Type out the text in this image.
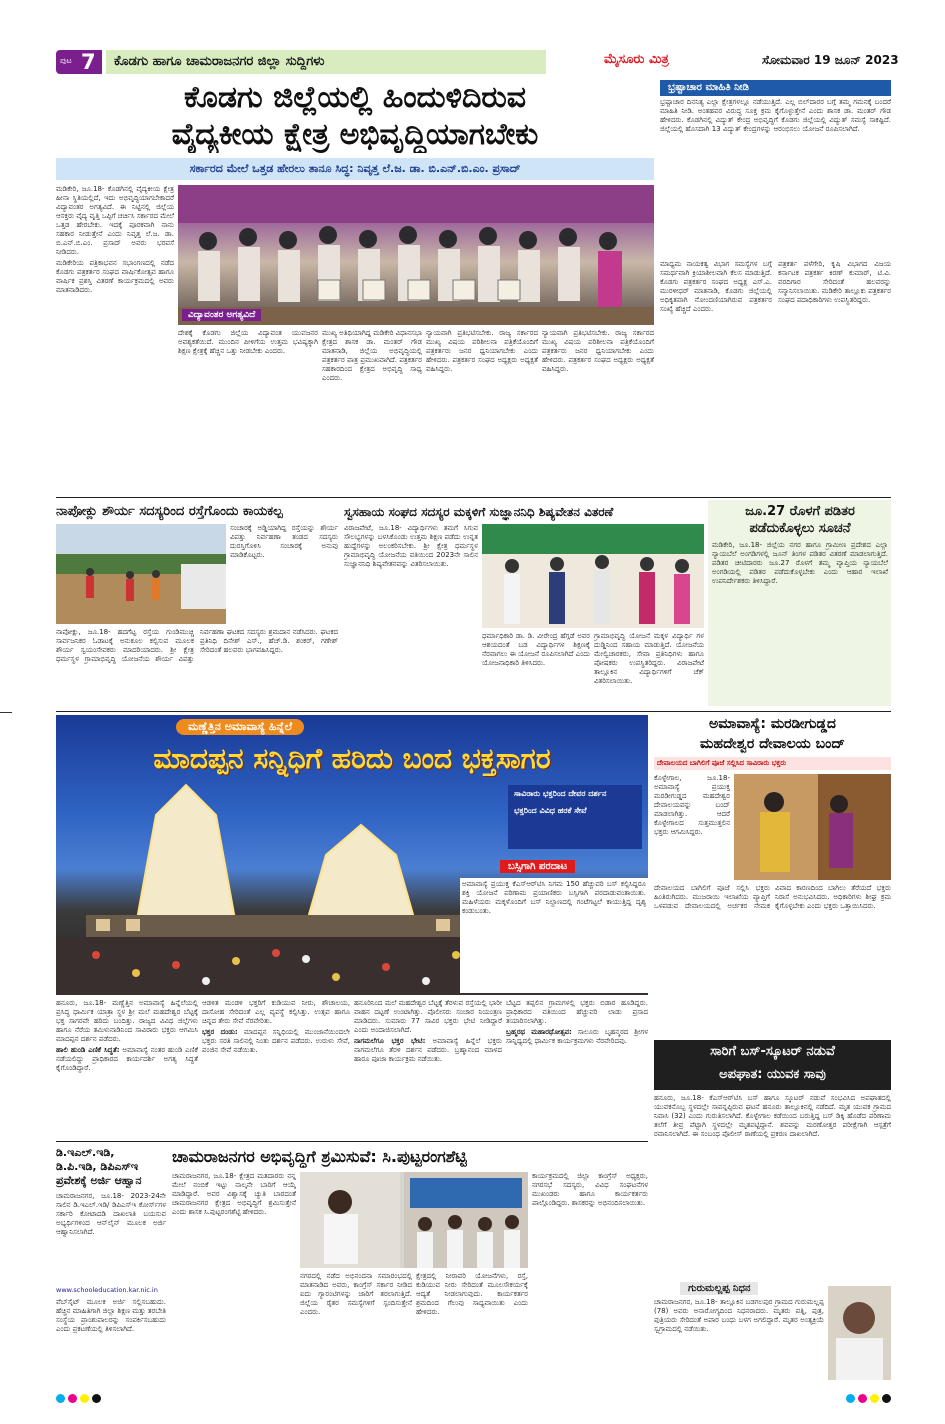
ಪುಟ 7	ಕೊಡಗು ಹಾಗೂ ಚಾಮರಾಜನಗರ ಜಿಲ್ಲಾ ಸುದ್ದಿಗಳು	ಮೈಸೂರು ಮಿತ್ರ	ಸೋಮವಾರ 19 ಜೂನ್ 2023
ಕೊಡಗು ಜಿಲ್ಲೆಯಲ್ಲಿ ಹಿಂದುಳಿದಿರುವ
ವೈದ್ಯಕೀಯ ಕ್ಷೇತ್ರ ಅಭಿವೃದ್ಧಿಯಾಗಬೇಕು
ಸರ್ಕಾರದ ಮೇಲೆ ಒತ್ತಡ ಹೇರಲು ತಾನೂ ಸಿದ್ಧ: ನಿವೃತ್ತ ಲೆ.ಜ. ಡಾ. ಬಿ.ಎನ್.ಬಿ.ಎಂ. ಪ್ರಸಾದ್

ಮಡಿಕೇರಿ, ಜೂ.18- ಕೊಡಗಿನಲ್ಲಿ ವೈದ್ಯಕೀಯ ಕ್ಷೇತ್ರ ಹೀನಾ ಸ್ಥಿತಿಯಲ್ಲಿದೆ, ಇದು ಅಭಿವೃದ್ಧಿಯಾಗಬೇಕಾದರೆ ವಿದ್ಯಾವಂತರ ಅಗತ್ಯವಿದೆ. ಈ ನಿಟ್ಟಿನಲ್ಲಿ ಜಿಲ್ಲೆಯ ಆಸಕ್ತರು ವೈದ್ಯ ವೃತ್ತಿ ಒಪ್ಪಿಗೆ ಚರ್ಚಿಸಿ ಸರ್ಕಾರದ ಮೇಲೆ ಒತ್ತಡ ಹೇರಬೇಕು. ಇದಕ್ಕೆ ಪೂರಕವಾಗಿ ನಾನು ಸಹಕಾರ ನೀಡುತ್ತೇನೆ ಎಂದು ನಿವೃತ್ತ ಲೆ.ಜ. ಡಾ. ಬಿ.ಎನ್.ಬಿ.ಎಂ. ಪ್ರಸಾದ್ ಅವರು ಭರವಸೆ ನೀಡಿದರು.

ಮಡಿಕೇರಿಯ ಪತ್ರಿಕಾಭವನ ಸಭಾಂಗಣದಲ್ಲಿ ನಡೆದ ಕೊಡಗು ಪತ್ರಕರ್ತರ ಸಂಘದ ವಾರ್ಷಿಕೋತ್ಸವ ಹಾಗೂ ವಾರ್ಷಿಕ ಪ್ರಶಸ್ತಿ ವಿತರಣೆ ಕಾರ್ಯಕ್ರಮದಲ್ಲಿ ಅವರು ಮಾತನಾಡಿದರು.

ವಿದ್ಯಾವಂತರ ಅಗತ್ಯವಿದೆ
ದೇಶಕ್ಕೆ ಕೊಡಗು ಜಿಲ್ಲೆಯ ವಿದ್ಯಾವಂತ ಯುವಜನರ ಅವಶ್ಯಕತೆಯಿದೆ. ಮುಂದಿನ ಪೀಳಿಗೆಯ ಉತ್ತಮ ಭವಿಷ್ಯಕ್ಕಾಗಿ ಶಿಕ್ಷಣ ಕ್ಷೇತ್ರಕ್ಕೆ ಹೆಚ್ಚಿನ ಒತ್ತು ನೀಡಬೇಕು ಎಂದರು.
ಮುಖ್ಯ ಅತಿಥಿಯಾಗಿದ್ದ ಮಡಿಕೇರಿ ವಿಧಾನಸಭಾ ಕ್ಷೇತ್ರದ ಶಾಸಕ ಡಾ. ಮಂತರ್ ಗೌಡ ಮಾತನಾಡಿ, ಜಿಲ್ಲೆಯ ಅಭಿವೃದ್ಧಿಯಲ್ಲಿ ಪತ್ರಕರ್ತರ ಪಾತ್ರ ಪ್ರಮುಖವಾಗಿದೆ. ಪತ್ರಕರ್ತರ ಸಹಕಾರದಿಂದ ಕ್ಷೇತ್ರದ ಅಭಿವೃದ್ಧಿ ಸಾಧ್ಯ ಎಂದರು.
ನ್ಯಾಯವಾಗಿ ಪ್ರತಿಭಟಿಸಬೇಕು. ರಾಜ್ಯ ಸರ್ಕಾರದ ಮುಖ್ಯ ವಿಷಯ ಪರಿಶೀಲನಾ ಪತ್ರಿಕೆಯೊಂದಿಗೆ ಪತ್ರಕರ್ತರು ಜನರ ಧ್ವನಿಯಾಗಬೇಕು ಎಂದು ಹೇಳಿದರು. ಪತ್ರಕರ್ತರ ಸಂಘದ ಅಧ್ಯಕ್ಷರು ಅಧ್ಯಕ್ಷತೆ ವಹಿಸಿದ್ದರು.
ನ್ಯಾಯವಾಗಿ ಪ್ರತಿಭಟಿಸಬೇಕು. ರಾಜ್ಯ ಸರ್ಕಾರದ ಮುಖ್ಯ ವಿಷಯ ಪರಿಶೀಲನಾ ಪತ್ರಿಕೆಯೊಂದಿಗೆ ಪತ್ರಕರ್ತರು ಜನರ ಧ್ವನಿಯಾಗಬೇಕು ಎಂದು ಹೇಳಿದರು. ಪತ್ರಕರ್ತರ ಸಂಘದ ಅಧ್ಯಕ್ಷರು ಅಧ್ಯಕ್ಷತೆ ವಹಿಸಿದ್ದರು.
ಭ್ರಷ್ಟಾಚಾರ ಮಾಹಿತಿ ನೀಡಿ
ಭ್ರಷ್ಟಾಚಾರ ದಿನನಿತ್ಯ ಎಲ್ಲಾ ಕ್ಷೇತ್ರಗಳಲ್ಲೂ ನಡೆಯುತ್ತಿದೆ. ಎಲ್ಲ ಬಿಲ್‌ದಾರರ ಬಗ್ಗೆ ತಮ್ಮ ಗಮನಕ್ಕೆ ಬಂದರೆ ಮಾಹಿತಿ ನೀಡಿ. ಅಂತಹವರ ವಿರುದ್ಧ ಸೂಕ್ತ ಕ್ರಮ ಕೈಗೊಳ್ಳುತ್ತೇನೆ ಎಂದು ಶಾಸಕ ಡಾ. ಮಂತರ್ ಗೌಡ ಹೇಳಿದರು. ಕೊಡಗಿನಲ್ಲಿ ವಿದ್ಯುತ್ ಕೇಂದ್ರ ಅಭಿವೃದ್ಧಿಗೆ ಕೊಡಗು ಜಿಲ್ಲೆಯಲ್ಲಿ ವಿದ್ಯುತ್ ಸಮಸ್ಯೆ ಸಾಕಷ್ಟಿದೆ. ಜಿಲ್ಲೆಯಲ್ಲಿ ಹೊಸದಾಗಿ 13 ವಿದ್ಯುತ್ ಕೇಂದ್ರಗಳನ್ನು ಆರಂಭಿಸಲು ಯೋಜನೆ ರೂಪಿಸಲಾಗಿದೆ.
ಮಾಧ್ಯಮ ನಾಯಕತ್ವ ವಿಭಾಗ ಸಮಸ್ಯೆಗಳ ಬಗ್ಗೆ ಸಮರ್ಥವಾಗಿ ಕ್ರಿಯಾಶೀಲವಾಗಿ ಕೆಲಸ ಮಾಡುತ್ತಿದೆ. ಕೊಡಗು ಪತ್ರಕರ್ತರ ಸಂಘದ ಅಧ್ಯಕ್ಷ ಎಸ್.ಎ. ಮುರಳೀಧರ್ ಮಾತನಾಡಿ, ಕೊಡಗು ಜಿಲ್ಲೆಯಲ್ಲಿ ಅಧಿಕೃತವಾಗಿ ನೋಂದಣಿಯಾಗಿರುವ ಪತ್ರಕರ್ತರ ಸಂಖ್ಯೆ ಹೆಚ್ಚಿದೆ ಎಂದರು.
ಪತ್ರಕರ್ತ ಪಳೆಗೇರಿ, ಕೃಷಿ ವಿಭಾಗದ ವಿಜಯ ಕರ್ನಾಟಕ ಪತ್ರಕರ್ತ ಕಿರಣ್ ಕುಮಾರ್, ಟಿ.ವಿ. ವರದಿಗಾರ ಸೇರಿದಂತೆ ಹಲವರನ್ನು ಸನ್ಮಾನಿಸಲಾಯಿತು. ಮಡಿಕೇರಿ ತಾಲ್ಲೂಕು ಪತ್ರಕರ್ತರ ಸಂಘದ ಪದಾಧಿಕಾರಿಗಳು ಉಪಸ್ಥಿತರಿದ್ದರು.
ನಾಪೋಕ್ಲು ಶೌರ್ಯ ಸದಸ್ಯರಿಂದ ರಸ್ತೆಗೊಂದು ಕಾಯಕಲ್ಪ
ಸಂಚಾರಕ್ಕೆ ಅಡ್ಡಿಯಾಗಿದ್ದ ರಸ್ತೆಯನ್ನು ಶೌರ್ಯ ವಿಪತ್ತು ನಿರ್ವಹಣಾ ತಂಡದ ಸದಸ್ಯರು ದುರಸ್ತಿಗೊಳಿಸಿ ಸಂಚಾರಕ್ಕೆ ಅನುವು ಮಾಡಿಕೊಟ್ಟರು.
ನಾಪೋಕ್ಲು, ಜೂ.18- ಹದಗೆಟ್ಟ ರಸ್ತೆಯ ಗುಂಡಿಮುಚ್ಚಿ ಸಾರ್ವಜನಿಕರ ಓಡಾಟಕ್ಕೆ ಅನುಕೂಲ ಕಲ್ಪಿಸುವ ಮೂಲಕ ಶೌರ್ಯ ಸ್ವಯಂಸೇವಕರು ಮಾದರಿಯಾದರು. ಶ್ರೀ ಕ್ಷೇತ್ರ ಧರ್ಮಸ್ಥಳ ಗ್ರಾಮಾಭಿವೃದ್ಧಿ ಯೋಜನೆಯ ಶೌರ್ಯ ವಿಪತ್ತು ನಿರ್ವಹಣಾ ಘಟಕದ ಸದಸ್ಯರು ಶ್ರಮದಾನ ನಡೆಸಿದರು. ಘಟಕದ ಪ್ರತಿನಿಧಿ ದಿನೇಶ್ ಎಸ್., ಹೆಚ್.ಡಿ. ಶಂಕರ್, ಗಣೇಶ್ ಸೇರಿದಂತೆ ಹಲವರು ಭಾಗವಹಿಸಿದ್ದರು.
ಸ್ವಸಹಾಯ ಸಂಘದ ಸದಸ್ಯರ ಮಕ್ಕಳಿಗೆ ಸುಜ್ಞಾನನಿಧಿ ಶಿಷ್ಯವೇತನ ವಿತರಣೆ
ವಿರಾಜಪೇಟೆ, ಜೂ.18- ವಿದ್ಯಾರ್ಥಿಗಳು ತಮಗೆ ಸಿಗುವ ಸೌಲಭ್ಯಗಳನ್ನು ಬಳಸಿಕೊಂಡು ಉತ್ತಮ ಶಿಕ್ಷಣ ಪಡೆದು ಉನ್ನತ ಹುದ್ದೆಗಳನ್ನು ಅಲಂಕರಿಸಬೇಕು. ಶ್ರೀ ಕ್ಷೇತ್ರ ಧರ್ಮಸ್ಥಳ ಗ್ರಾಮಾಭಿವೃದ್ಧಿ ಯೋಜನೆಯ ವತಿಯಿಂದ 2023ನೇ ಸಾಲಿನ ಸುಜ್ಞಾನನಿಧಿ ಶಿಷ್ಯವೇತನವನ್ನು ವಿತರಿಸಲಾಯಿತು.
ಧರ್ಮಾಧಿಕಾರಿ ಡಾ. ಡಿ. ವೀರೇಂದ್ರ ಹೆಗ್ಗಡೆ ಅವರ ಆಶಯದಂತೆ ಬಡ ವಿದ್ಯಾರ್ಥಿಗಳ ಶಿಕ್ಷಣಕ್ಕೆ ನೆರವಾಗಲು ಈ ಯೋಜನೆ ರೂಪಿಸಲಾಗಿದೆ ಎಂದು ಯೋಜನಾಧಿಕಾರಿ ತಿಳಿಸಿದರು.
ಗ್ರಾಮಾಭಿವೃದ್ಧಿ ಯೋಜನೆ ಮಕ್ಕಳ ವಿದ್ಯಾರ್ಥಿ ಗಳ ದುಡ್ಡಿನಿಂದ ಸಹಾಯ ಮಾಡುತ್ತಿದೆ. ಯೋಜನೆಯ ಮೇಲ್ವಿಚಾರಕರು, ಸೇವಾ ಪ್ರತಿನಿಧಿಗಳು ಹಾಗೂ ಪೋಷಕರು ಉಪಸ್ಥಿತರಿದ್ದರು. ವಿರಾಜಪೇಟೆ ತಾಲ್ಲೂಕಿನ ವಿದ್ಯಾರ್ಥಿಗಳಿಗೆ ಚೆಕ್ ವಿತರಿಸಲಾಯಿತು.
ಜೂ.27 ರೊಳಗೆ ಪಡಿತರ
ಪಡೆದುಕೊಳ್ಳಲು ಸೂಚನೆ
ಮಡಿಕೇರಿ, ಜೂ.18- ಜಿಲ್ಲೆಯ ನಗರ ಹಾಗೂ ಗ್ರಾಮೀಣ ಪ್ರದೇಶದ ಎಲ್ಲಾ ನ್ಯಾಯಬೆಲೆ ಅಂಗಡಿಗಳಲ್ಲಿ ಜೂನ್ ತಿಂಗಳ ಪಡಿತರ ವಿತರಣೆ ಮಾಡಲಾಗುತ್ತಿದೆ. ಪಡಿತರ ಚೀಟಿದಾರರು ಜೂ.27 ರೊಳಗೆ ತಮ್ಮ ವ್ಯಾಪ್ತಿಯ ನ್ಯಾಯಬೆಲೆ ಅಂಗಡಿಯಲ್ಲಿ ಪಡಿತರ ಪಡೆದುಕೊಳ್ಳಬೇಕು ಎಂದು ಆಹಾರ ಇಲಾಖೆ ಉಪನಿರ್ದೇಶಕರು ತಿಳಿಸಿದ್ದಾರೆ.
ಮಣ್ಣೆತ್ತಿನ ಅಮಾವಾಸ್ಯೆ ಹಿನ್ನೆಲೆ
ಮಾದಪ್ಪನ ಸನ್ನಿಧಿಗೆ ಹರಿದು ಬಂದ ಭಕ್ತಸಾಗರ
ಸಾವಿರಾರು ಭಕ್ತರಿಂದ ದೇವರ ದರ್ಶನ
ಭಕ್ತರಿಂದ ವಿವಿಧ ಹರಕೆ ಸೇವೆ
ಬಸ್ಸಿಗಾಗಿ ಪರದಾಟ
ಅಮಾವಾಸ್ಯೆ ಪ್ರಯುಕ್ತ ಕೆಎಸ್‌ಆರ್‌ಟಿಸಿ ನಿಗಮ 150 ಹೆಚ್ಚುವರಿ ಬಸ್ ಕಲ್ಪಿಸಿದ್ದರೂ ಶಕ್ತಿ ಯೋಜನೆ ಪರಿಣಾಮ ಪ್ರಯಾಣಿಕರು ಬಸ್ಸಿಗಾಗಿ ಪರದಾಡುವಂತಾಯಿತು. ಮಹಿಳೆಯರು ಮಕ್ಕಳೊಂದಿಗೆ ಬಸ್ ನಿಲ್ದಾಣದಲ್ಲಿ ಗಂಟೆಗಟ್ಟಲೆ ಕಾಯುತ್ತಿದ್ದ ದೃಶ್ಯ ಕಂಡುಬಂತು.

ಹನೂರು, ಜೂ.18- ಮಣ್ಣೆತ್ತಿನ ಅಮಾವಾಸ್ಯೆ ಹಿನ್ನೆಲೆಯಲ್ಲಿ ಪ್ರಸಿದ್ಧ ಧಾರ್ಮಿಕ ಯಾತ್ರಾ ಸ್ಥಳ ಶ್ರೀ ಮಲೆ ಮಹದೇಶ್ವರ ಬೆಟ್ಟಕ್ಕೆ ಭಕ್ತ ಸಾಗರವೇ ಹರಿದು ಬಂದಿತ್ತು. ರಾಜ್ಯದ ವಿವಿಧ ಜಿಲ್ಲೆಗಳು ಹಾಗೂ ನೆರೆಯ ತಮಿಳುನಾಡಿನಿಂದ ಸಾವಿರಾರು ಭಕ್ತರು ಆಗಮಿಸಿ ಮಾದಪ್ಪನ ದರ್ಶನ ಪಡೆದರು.

ಹಾಲಿ ಹುಂಡಿ ಎಣಿಕೆ ಸಿದ್ಧತೆ: ಅಮಾವಾಸ್ಯೆ ನಂತರ ಹುಂಡಿ ಎಣಿಕೆ ನಡೆಯಲಿದ್ದು ಪ್ರಾಧಿಕಾರದ ಕಾರ್ಯದರ್ಶಿ ಅಗತ್ಯ ಸಿದ್ಧತೆ ಕೈಗೊಂಡಿದ್ದಾರೆ.

ಆಡಳಿತ ಮಂಡಳಿ ಭಕ್ತರಿಗೆ ಕುಡಿಯುವ ನೀರು, ಶೌಚಾಲಯ, ದಾಸೋಹ ಸೇರಿದಂತೆ ಎಲ್ಲ ವ್ಯವಸ್ಥೆ ಕಲ್ಪಿಸಿತ್ತು. ಉತ್ಸವ ಹಾಗೂ ಚಿನ್ನದ ತೇರು ಸೇವೆ ನೆರವೇರಿತು.

ಭಕ್ತರ ದಂಡು: ಮಾದಪ್ಪನ ಸನ್ನಿಧಿಯಲ್ಲಿ ಮುಂಜಾನೆಯಿಂದಲೇ ಭಕ್ತರು ಸರತಿ ಸಾಲಿನಲ್ಲಿ ನಿಂತು ದರ್ಶನ ಪಡೆದರು. ಉರುಳು ಸೇವೆ, ಪಂಜಿನ ಸೇವೆ ನಡೆಯಿತು.

ಹನೂರಿನಿಂದ ಮಲೆ ಮಹದೇಶ್ವರ ಬೆಟ್ಟಕ್ಕೆ ತೆರಳುವ ರಸ್ತೆಯಲ್ಲಿ ಭಾರೀ ವಾಹನ ದಟ್ಟಣೆ ಉಂಟಾಗಿತ್ತು. ಪೊಲೀಸರು ಸಂಚಾರ ನಿಯಂತ್ರಣ ಮಾಡಿದರು. ಸುಮಾರು 77 ಸಾವಿರ ಭಕ್ತರು ಭೇಟಿ ನೀಡಿದ್ದಾರೆ ಎಂದು ಅಂದಾಜಿಸಲಾಗಿದೆ.

ನಾಗಮಲೆಗೂ ಭಕ್ತರ ಭೇಟಿ: ಅಮಾವಾಸ್ಯೆ ಹಿನ್ನೆಲೆ ಭಕ್ತರು ನಾಗಮಲೆಗೂ ತೆರಳಿ ದರ್ಶನ ಪಡೆದರು. ಬ್ರಹ್ಮಾನಂದ ಮಾಳದ ಹಾರೂ ಪೂಜಾ ಕಾರ್ಯಕ್ರಮ ನಡೆಯಿತು.

ಬೆಟ್ಟದ ತಪ್ಪಲಿನ ಗ್ರಾಮಗಳಲ್ಲಿ ಭಕ್ತರು ಬಿಡಾರ ಹೂಡಿದ್ದರು. ಪ್ರಾಧಿಕಾರದ ವತಿಯಿಂದ ಹೆಚ್ಚುವರಿ ಲಾಡು ಪ್ರಸಾದ ತಯಾರಿಸಲಾಗಿತ್ತು.

ಬ್ರಹ್ಮರಥ ಮಹಾರಥೋತ್ಸವ: ಸಾಲೂರು ಬೃಹನ್ಮಠದ ಶ್ರೀಗಳ ಸಾನ್ನಿಧ್ಯದಲ್ಲಿ ಧಾರ್ಮಿಕ ಕಾರ್ಯಕ್ರಮಗಳು ನೆರವೇರಿದವು.

ಅಮಾವಾಸ್ಯೆ: ಮರಡೀಗುಡ್ಡದ
ಮಹದೇಶ್ವರ ದೇವಾಲಯ ಬಂದ್
ದೇವಾಲಯದ ಬಾಗಿಲಿಗೆ ಪೂಜೆ ಸಲ್ಲಿಸಿದ ಸಾವಿರಾರು ಭಕ್ತರು
ಕೊಳ್ಳೇಗಾಲ, ಜೂ.18- ಅಮಾವಾಸ್ಯೆ ಪ್ರಯುಕ್ತ ಮರಡೀಗುಡ್ಡದ ಮಹದೇಶ್ವರ ದೇವಾಲಯವನ್ನು ಬಂದ್ ಮಾಡಲಾಗಿತ್ತು. ಆದರೆ ಕೊಳ್ಳೇಗಾಲದ ಸುತ್ತಮುತ್ತಲಿನ ಭಕ್ತರು ಆಗಮಿಸಿದ್ದರು.
ದೇವಾಲಯದ ಬಾಗಿಲಿಗೆ ಪೂಜೆ ಸಲ್ಲಿಸಿ ಭಕ್ತರು ಹಿಂತಿರುಗಿದರು. ಮುಜರಾಯಿ ಇಲಾಖೆಯ ವ್ಯಾಪ್ತಿಗೆ ಒಳಪಡುವ ದೇವಾಲಯದಲ್ಲಿ ಅರ್ಚಕರ ನೇಮಕ ವಿವಾದ ಕಾರಣದಿಂದ ಬಾಗಿಲು ತೆರೆಯದೆ ಭಕ್ತರು ನಿರಾಸೆ ಅನುಭವಿಸಿದರು. ಅಧಿಕಾರಿಗಳು ಶೀಘ್ರ ಕ್ರಮ ಕೈಗೊಳ್ಳಬೇಕು ಎಂದು ಭಕ್ತರು ಒತ್ತಾಯಿಸಿದರು.
ಸಾರಿಗೆ ಬಸ್-ಸ್ಕೂಟರ್ ನಡುವೆ
ಅಪಘಾತ: ಯುವಕ ಸಾವು
ಹನೂರು, ಜೂ.18- ಕೆಎಸ್‌ಆರ್‌ಟಿಸಿ ಬಸ್ ಹಾಗೂ ಸ್ಕೂಟರ್ ನಡುವೆ ಸಂಭವಿಸಿದ ಅಪಘಾತದಲ್ಲಿ ಯುವಕನೊಬ್ಬ ಸ್ಥಳದಲ್ಲೇ ಸಾವನ್ನಪ್ಪಿರುವ ಘಟನೆ ಹನೂರು ತಾಲ್ಲೂಕಿನಲ್ಲಿ ನಡೆದಿದೆ. ಮೃತ ಯುವಕ ಗ್ರಾಮದ ನಿವಾಸಿ (32) ಎಂದು ಗುರುತಿಸಲಾಗಿದೆ. ಕೊಳ್ಳೇಗಾಲ ಕಡೆಯಿಂದ ಬರುತ್ತಿದ್ದ ಬಸ್ ಡಿಕ್ಕಿ ಹೊಡೆದ ಪರಿಣಾಮ ತಲೆಗೆ ತೀವ್ರ ಪೆಟ್ಟಾಗಿ ಸ್ಥಳದಲ್ಲೇ ಮೃತಪಟ್ಟಿದ್ದಾನೆ. ಶವವನ್ನು ಮರಣೋತ್ತರ ಪರೀಕ್ಷೆಗಾಗಿ ಆಸ್ಪತ್ರೆಗೆ ರವಾನಿಸಲಾಗಿದೆ. ಈ ಸಂಬಂಧ ಪೊಲೀಸ್ ಠಾಣೆಯಲ್ಲಿ ಪ್ರಕರಣ ದಾಖಲಾಗಿದೆ.
ಗುರುಮಲ್ಲಪ್ಪ ನಿಧನ
ಚಾಮರಾಜನಗರ, ಜೂ.18- ತಾಲ್ಲೂಕಿನ ಬಡಗಲಪುರ ಗ್ರಾಮದ ಗುರುಮಲ್ಲಪ್ಪ (78) ಅವರು ಅನಾರೋಗ್ಯದಿಂದ ನಿಧನರಾದರು. ಮೃತರು ಪತ್ನಿ, ಪುತ್ರ, ಪುತ್ರಿಯರು ಸೇರಿದಂತೆ ಅಪಾರ ಬಂಧು ಬಳಗ ಅಗಲಿದ್ದಾರೆ. ಮೃತರ ಅಂತ್ಯಕ್ರಿಯೆ ಸ್ವಗ್ರಾಮದಲ್ಲಿ ನಡೆಯಿತು.
ಡಿ.ಇಎಲ್.ಇಡಿ,
ಡಿ.ಪಿ.ಇಡಿ, ಡಿಪಿಎಸ್‌ಇ
ಪ್ರವೇಶಕ್ಕೆ ಅರ್ಜಿ ಆಹ್ವಾನ
ಚಾಮರಾಜನಗರ, ಜೂ.18- 2023-24ನೇ ಸಾಲಿನ ಡಿ.ಇಎಲ್.ಇಡಿ/ ಡಿಪಿಎಸ್‌ಇ ಕೋರ್ಸ್‌ಗಳ ಸರ್ಕಾರಿ ಕೋಟಾದಡಿ ದಾಖಲಾತಿ ಬಯಸುವ ಅಭ್ಯರ್ಥಿಗಳಿಂದ ಆನ್‌ಲೈನ್ ಮೂಲಕ ಅರ್ಜಿ ಆಹ್ವಾನಿಸಲಾಗಿದೆ.
www.schooleducation.kar.nic.in
ವೆಬ್‌ಸೈಟ್ ಮೂಲಕ ಅರ್ಜಿ ಸಲ್ಲಿಸಬಹುದು. ಹೆಚ್ಚಿನ ಮಾಹಿತಿಗಾಗಿ ಜಿಲ್ಲಾ ಶಿಕ್ಷಣ ಮತ್ತು ತರಬೇತಿ ಸಂಸ್ಥೆಯ ಪ್ರಾಂಶುಪಾಲರನ್ನು ಸಂಪರ್ಕಿಸಬಹುದು ಎಂದು ಪ್ರಕಟಣೆಯಲ್ಲಿ ತಿಳಿಸಲಾಗಿದೆ.
ಚಾಮರಾಜನಗರ ಅಭಿವೃದ್ಧಿಗೆ ಶ್ರಮಿಸುವೆ: ಸಿ.ಪುಟ್ಟರಂಗಶೆಟ್ಟಿ
ಚಾಮರಾಜನಗರ, ಜೂ.18- ಕ್ಷೇತ್ರದ ಮತದಾರರು ನನ್ನ ಮೇಲೆ ನಂಬಿಕೆ ಇಟ್ಟು ನಾಲ್ಕನೇ ಬಾರಿಗೆ ಆಯ್ಕೆ ಮಾಡಿದ್ದಾರೆ. ಅವರ ವಿಶ್ವಾಸಕ್ಕೆ ಚ್ಯುತಿ ಬಾರದಂತೆ ಚಾಮರಾಜನಗರ ಕ್ಷೇತ್ರದ ಅಭಿವೃದ್ಧಿಗೆ ಶ್ರಮಿಸುತ್ತೇನೆ ಎಂದು ಶಾಸಕ ಸಿ.ಪುಟ್ಟರಂಗಶೆಟ್ಟಿ ಹೇಳಿದರು.
ನಗರದಲ್ಲಿ ನಡೆದ ಅಭಿನಂದನಾ ಸಮಾರಂಭದಲ್ಲಿ ಮಾತನಾಡಿದ ಅವರು, ಕಾಂಗ್ರೆಸ್ ಸರ್ಕಾರ ನೀಡಿದ ಐದು ಗ್ಯಾರಂಟಿಗಳನ್ನು ಜಾರಿಗೆ ತರಲಾಗುತ್ತಿದೆ. ಜಿಲ್ಲೆಯ ರೈತರ ಸಮಸ್ಯೆಗಳಿಗೆ ಸ್ಪಂದಿಸುತ್ತೇನೆ ಎಂದರು.
ಕ್ಷೇತ್ರದಲ್ಲಿ ನೀರಾವರಿ ಯೋಜನೆಗಳು, ರಸ್ತೆ, ಕುಡಿಯುವ ನೀರು ಸೇರಿದಂತೆ ಮೂಲಸೌಕರ್ಯಕ್ಕೆ ಆದ್ಯತೆ ನೀಡಲಾಗುವುದು. ಕಾರ್ಯಕರ್ತರ ಶ್ರಮದಿಂದ ಗೆಲುವು ಸಾಧ್ಯವಾಯಿತು ಎಂದು ಹೇಳಿದರು.
ಕಾರ್ಯಕ್ರಮದಲ್ಲಿ ಜಿಲ್ಲಾ ಕಾಂಗ್ರೆಸ್ ಅಧ್ಯಕ್ಷರು, ನಗರಸಭೆ ಸದಸ್ಯರು, ವಿವಿಧ ಸಂಘಟನೆಗಳ ಮುಖಂಡರು ಹಾಗೂ ಕಾರ್ಯಕರ್ತರು ಪಾಲ್ಗೊಂಡಿದ್ದರು. ಶಾಸಕರನ್ನು ಅಭಿನಂದಿಸಲಾಯಿತು.
